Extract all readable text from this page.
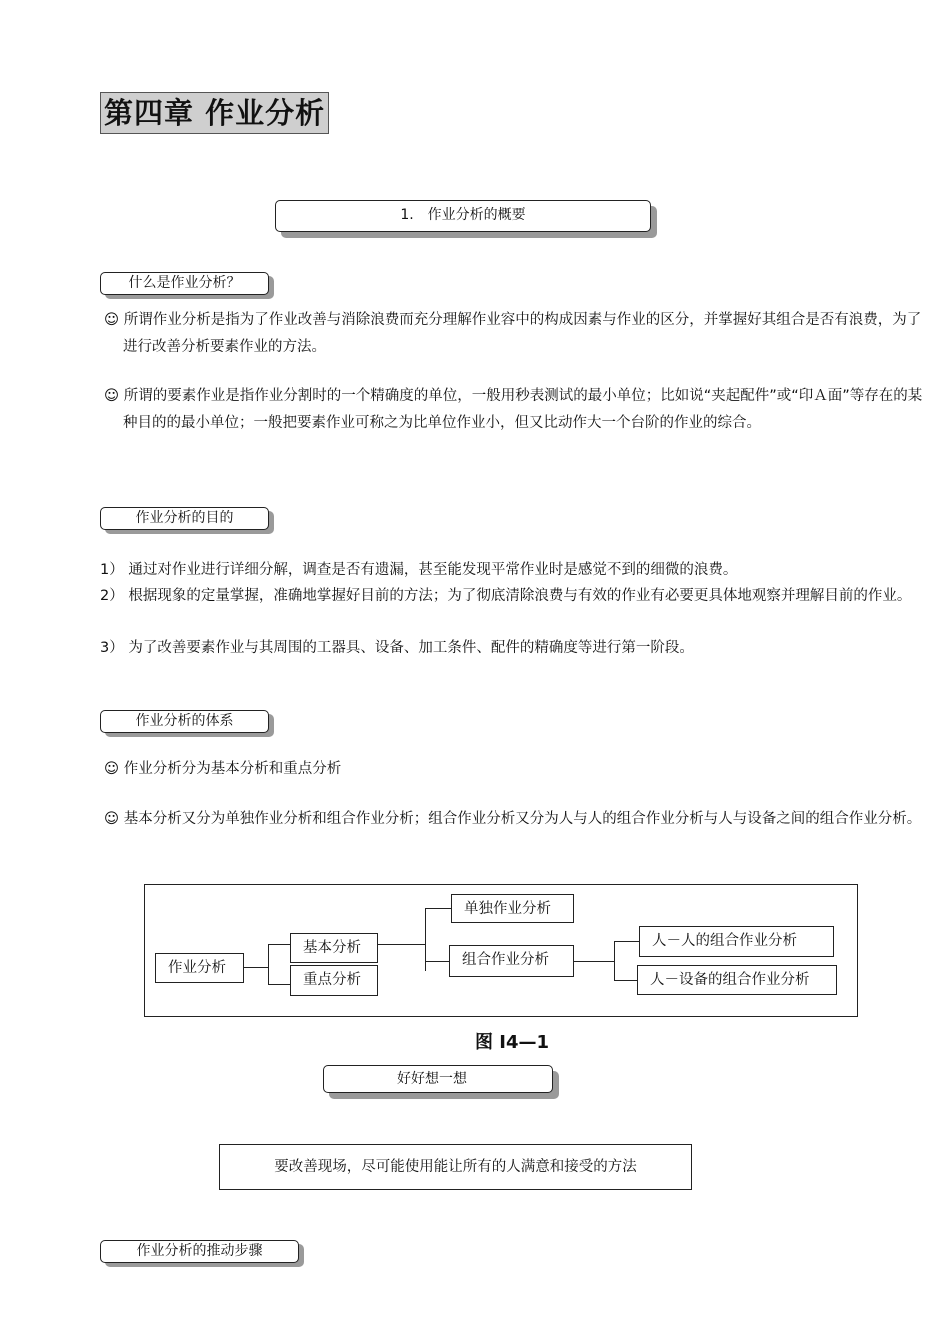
第四章 作业分析
1.　作业分析的概要
什么是作业分析？
☺ 所谓作业分析是指为了作业改善与消除浪费而充分理解作业容中的构成因素与作业的区分，并掌握好其组合是否有浪费，为了进行改善分析要素作业的方法。
☺ 所谓的要素作业是指作业分割时的一个精确度的单位，一般用秒表测试的最小单位；比如说“夹起配件”或“印Ａ面”等存在的某种目的的最小单位；一般把要素作业可称之为比单位作业小，但又比动作大一个台阶的作业的综合。
作业分析的目的
1） 通过对作业进行详细分解，调查是否有遗漏，甚至能发现平常作业时是感觉不到的细微的浪费。
2） 根据现象的定量掌握，准确地掌握好目前的方法；为了彻底清除浪费与有效的作业有必要更具体地观察并理解目前的作业。
3） 为了改善要素作业与其周围的工器具、设备、加工条件、配件的精确度等进行第一阶段。
作业分析的体系
☺ 作业分析分为基本分析和重点分析
☺ 基本分析又分为单独作业分析和组合作业分析；组合作业分析又分为人与人的组合作业分析与人与设备之间的组合作业分析。
作业分析
基本分析
重点分析
单独作业分析
组合作业分析
人－人的组合作业分析
人－设备的组合作业分析
图 I4—1
好好想一想
要改善现场，尽可能使用能让所有的人满意和接受的方法
作业分析的推动步骤
